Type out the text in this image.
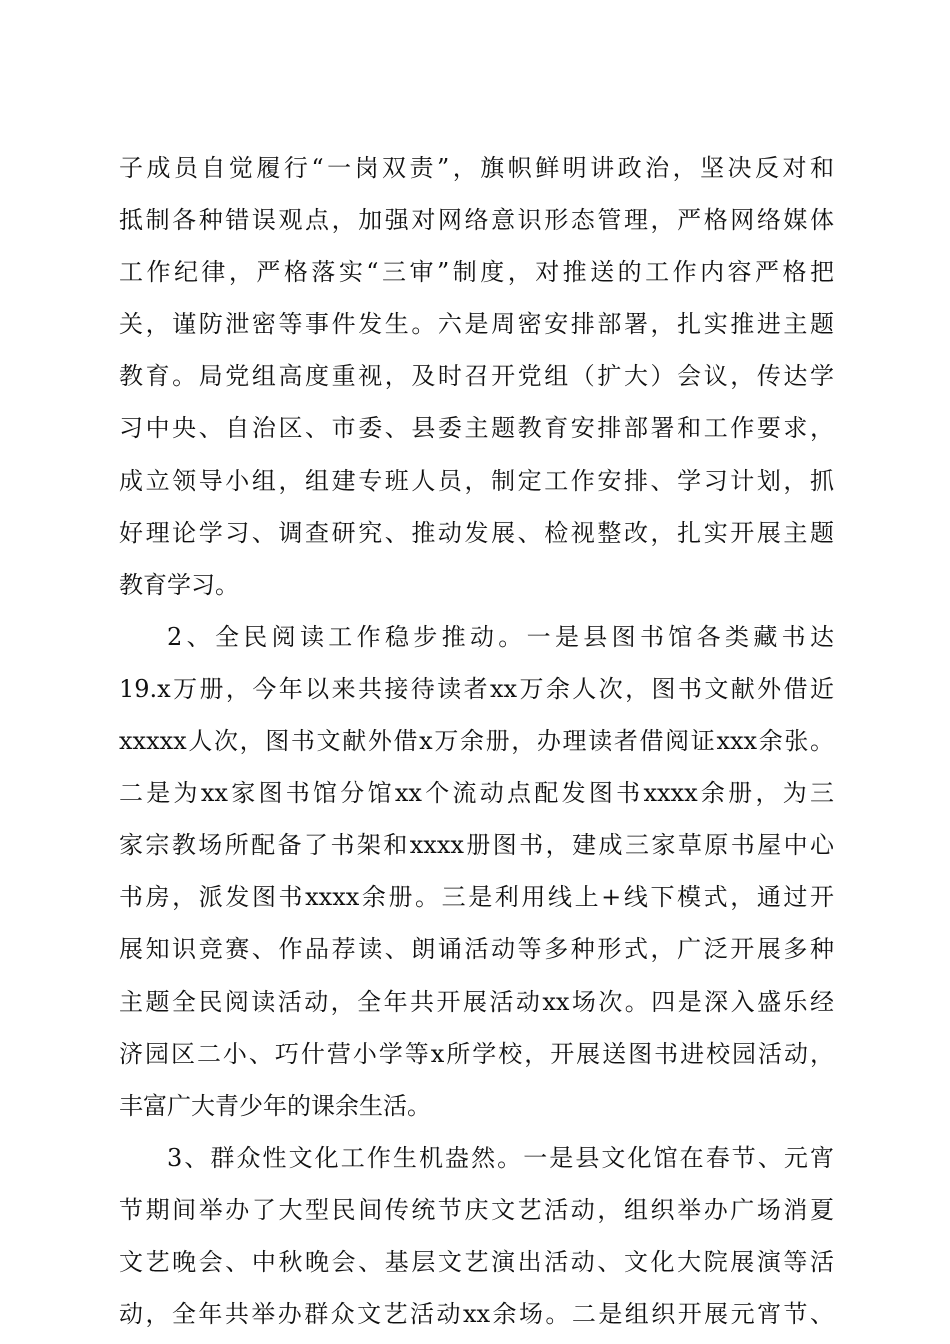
子成员自觉履行“一岗双责”，旗帜鲜明讲政治，坚决反对和
抵制各种错误观点，加强对网络意识形态管理，严格网络媒体
工作纪律，严格落实“三审”制度，对推送的工作内容严格把
关，谨防泄密等事件发生。六是周密安排部署，扎实推进主题
教育。局党组高度重视，及时召开党组（扩大）会议，传达学
习中央、自治区、市委、县委主题教育安排部署和工作要求，
成立领导小组，组建专班人员，制定工作安排、学习计划，抓
好理论学习、调查研究、推动发展、检视整改，扎实开展主题
教育学习。
2、全民阅读工作稳步推动。一是县图书馆各类藏书达
19.x万册，今年以来共接待读者xx万余人次，图书文献外借近
xxxxx人次，图书文献外借x万余册，办理读者借阅证xxx余张。
二是为xx家图书馆分馆xx个流动点配发图书xxxx余册，为三
家宗教场所配备了书架和xxxx册图书，建成三家草原书屋中心
书房，派发图书xxxx余册。三是利用线上+线下模式，通过开
展知识竞赛、作品荐读、朗诵活动等多种形式，广泛开展多种
主题全民阅读活动，全年共开展活动xx场次。四是深入盛乐经
济园区二小、巧什营小学等x所学校，开展送图书进校园活动，
丰富广大青少年的课余生活。
3、群众性文化工作生机盎然。一是县文化馆在春节、元宵
节期间举办了大型民间传统节庆文艺活动，组织举办广场消夏
文艺晚会、中秋晚会、基层文艺演出活动、文化大院展演等活
动，全年共举办群众文艺活动xx余场。二是组织开展元宵节、
